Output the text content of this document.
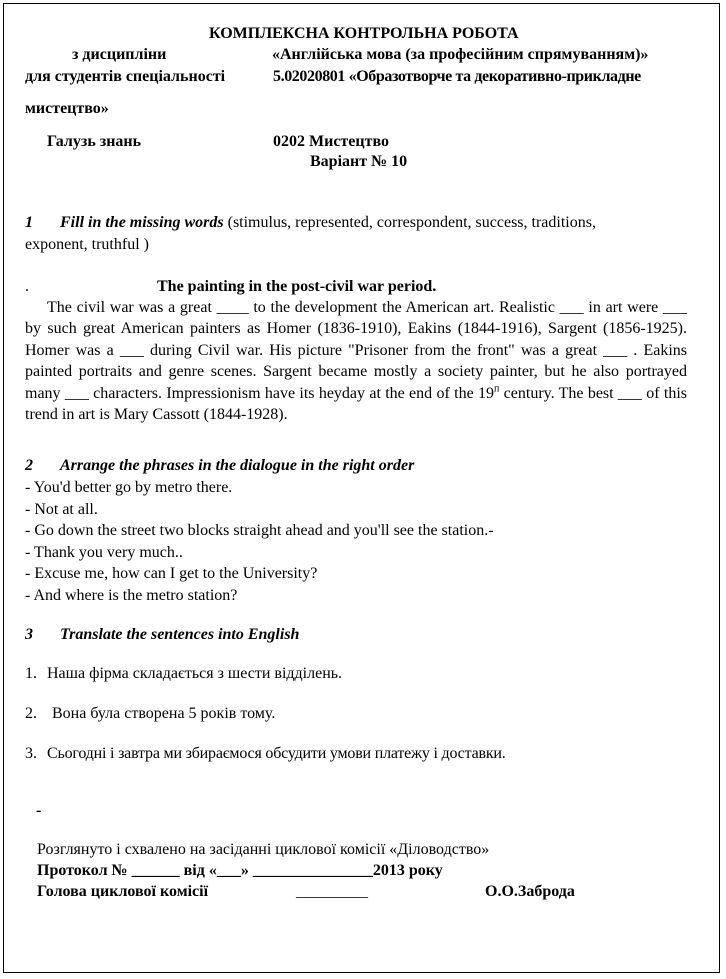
КОМПЛЕКСНА КОНТРОЛЬНА РОБОТА
з дисципліни	«Англійська мова (за професійним спрямуванням)»
для студентів спеціальності	5.02020801 «Образотворче та декоративно-прикладне
мистецтво»
Галузь знань	0202 Мистецтво
Варіант № 10
1 Fill in the missing words (stimulus, represented, correspondent, success, traditions,
exponent, truthful )
.	The painting in the post-civil war period.
The civil war was a great ____ to the development the American art. Realistic ___ in art were ___ by such great American painters as Homer (1836-1910), Eakins (1844-1916), Sargent (1856-1925). Homer was a ___ during Civil war. His picture "Prisoner from the front" was a great ___ . Eakins painted portraits and genre scenes. Sargent became mostly a society painter, but he also portrayed many ___ characters. Impressionism have its heyday at the end of the $19^п$ century. The best ___ of this trend in art is Mary Cassott (1844-1928).
2 Arrange the phrases in the dialogue in the right order
- You'd better go by metro there.
- Not at all.
- Go down the street two blocks straight ahead and you'll see the station.-
- Thank you very much..
- Excuse me, how can I get to the University?
- And where is the metro station?
3 Translate the sentences into English
1. Наша фірма складається з шести відділень.
2. Вона була створена 5 років тому.
3. Сьогодні і завтра ми збираємося обсудити умови платежу і доставки.
-
Розглянуто і схвалено на засіданні циклової комісії «Діловодство»
Протокол № ______ від «___» _______________2013 року
Голова циклової комісії	_________	О.О.Заброда
